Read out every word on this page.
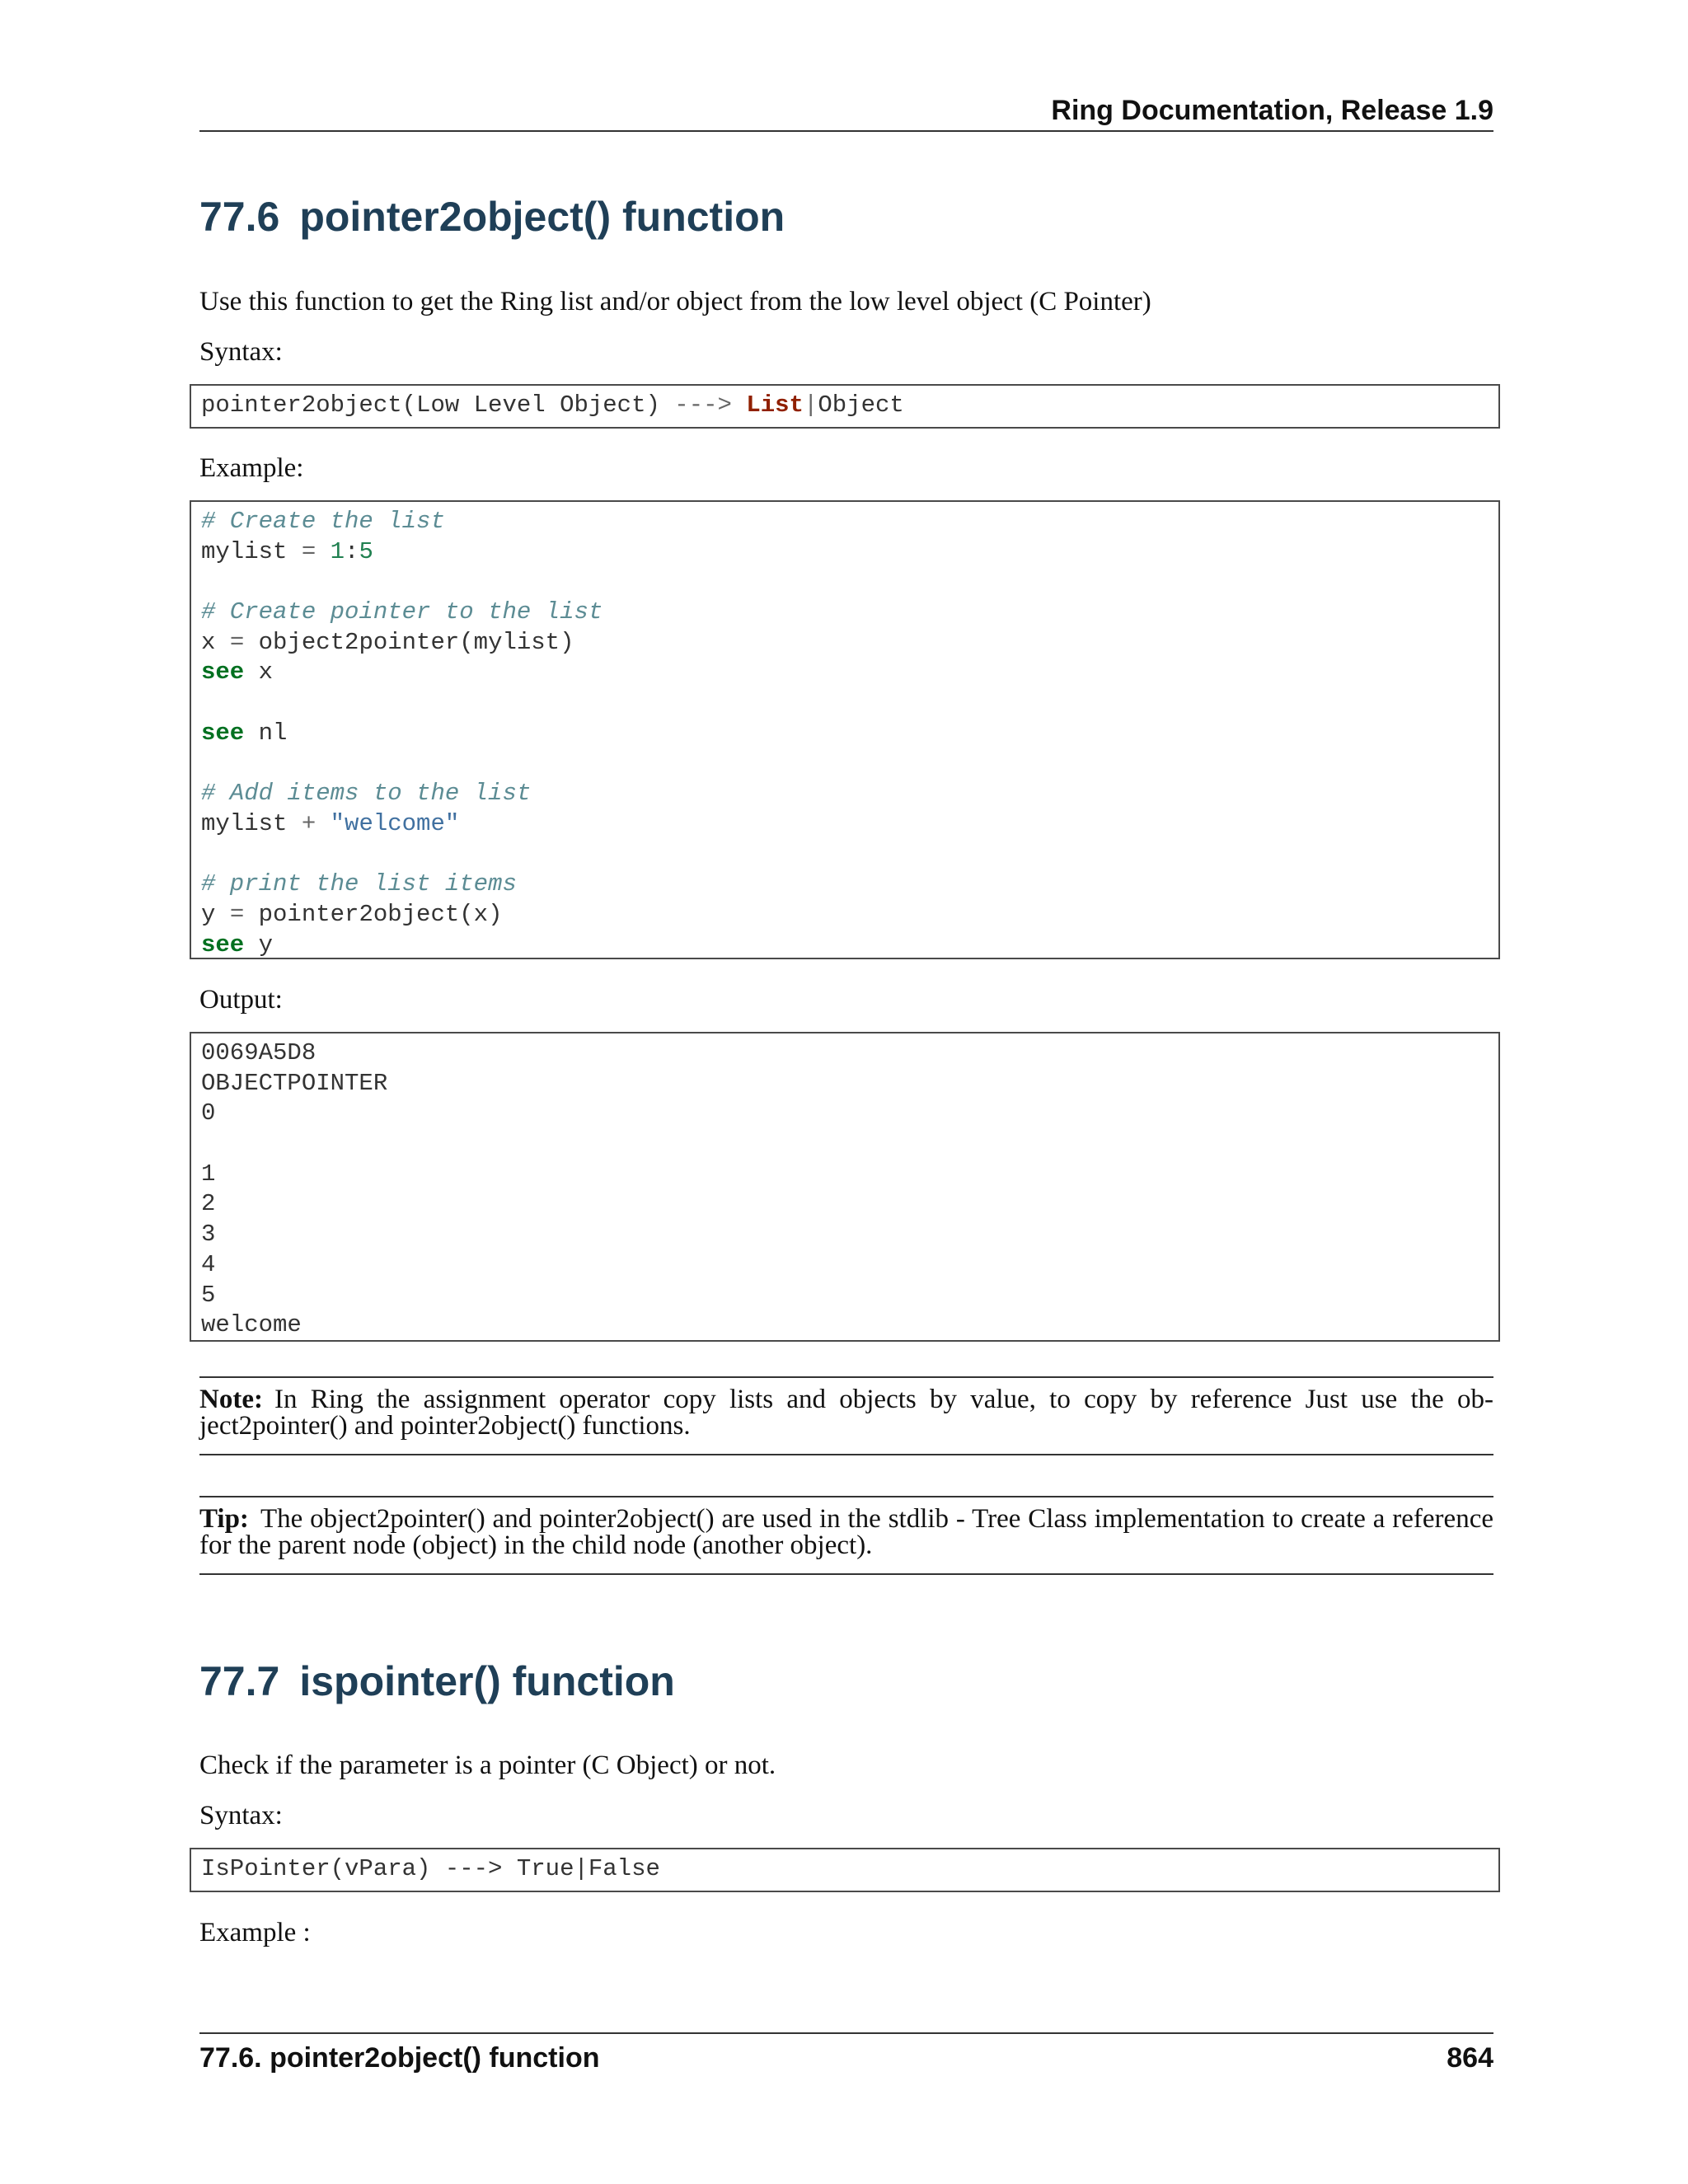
Ring Documentation, Release 1.9
77.6 pointer2object() function

Use this function to get the Ring list and/or object from the low level object (C Pointer)

Syntax:

pointer2object(Low Level Object) ---> List|Object

Example:

# Create the list
mylist = 1:5
# Create pointer to the list
x = object2pointer(mylist)
see x
see nl
# Add items to the list
mylist + "welcome"
# print the list items
y = pointer2object(x)
see y

Output:

0069A5D8
OBJECTPOINTER
0
1
2
3
4
5
welcome
Note: In Ring the assignment operator copy lists and objects by value, to copy by reference Just use the ob-
ject2pointer() and pointer2object() functions.
Tip: The object2pointer() and pointer2object() are used in the stdlib - Tree Class implementation to create a reference
for the parent node (object) in the child node (another object).
77.7 ispointer() function

Check if the parameter is a pointer (C Object) or not.

Syntax:

IsPointer(vPara) ---> True|False

Example :

77.6. pointer2object() function	864
